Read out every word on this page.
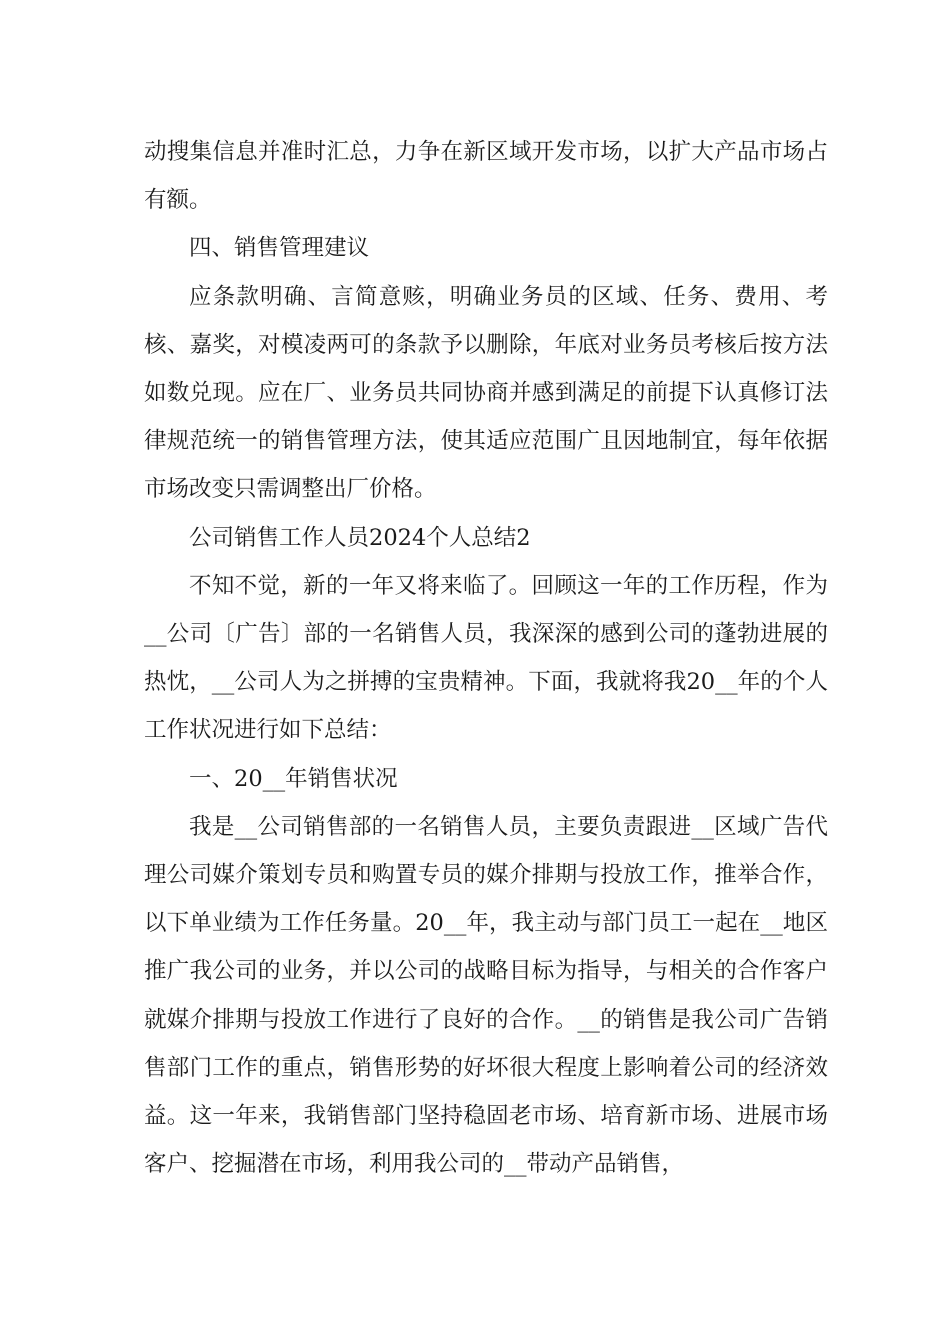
动搜集信息并准时汇总，力争在新区域开发市场，以扩大产品市场占有额。

四、销售管理建议

应条款明确、言简意赅，明确业务员的区域、任务、费用、考核、嘉奖，对模凌两可的条款予以删除，年底对业务员考核后按方法如数兑现。应在厂、业务员共同协商并感到满足的前提下认真修订法律规范统一的销售管理方法，使其适应范围广且因地制宜，每年依据市场改变只需调整出厂价格。

公司销售工作人员2024个人总结2

不知不觉，新的一年又将来临了。回顾这一年的工作历程，作为__公司〔广告〕部的一名销售人员，我深深的感到公司的蓬勃进展的热忱，__公司人为之拼搏的宝贵精神。下面，我就将我20__年的个人工作状况进行如下总结：

一、20__年销售状况

我是__公司销售部的一名销售人员，主要负责跟进__区域广告代理公司媒介策划专员和购置专员的媒介排期与投放工作，推举合作，以下单业绩为工作任务量。20__年，我主动与部门员工一起在__地区推广我公司的业务，并以公司的战略目标为指导，与相关的合作客户就媒介排期与投放工作进行了良好的合作。__的销售是我公司广告销售部门工作的重点，销售形势的好坏很大程度上影响着公司的经济效益。这一年来，我销售部门坚持稳固老市场、培育新市场、进展市场客户、挖掘潜在市场，利用我公司的__带动产品销售，
